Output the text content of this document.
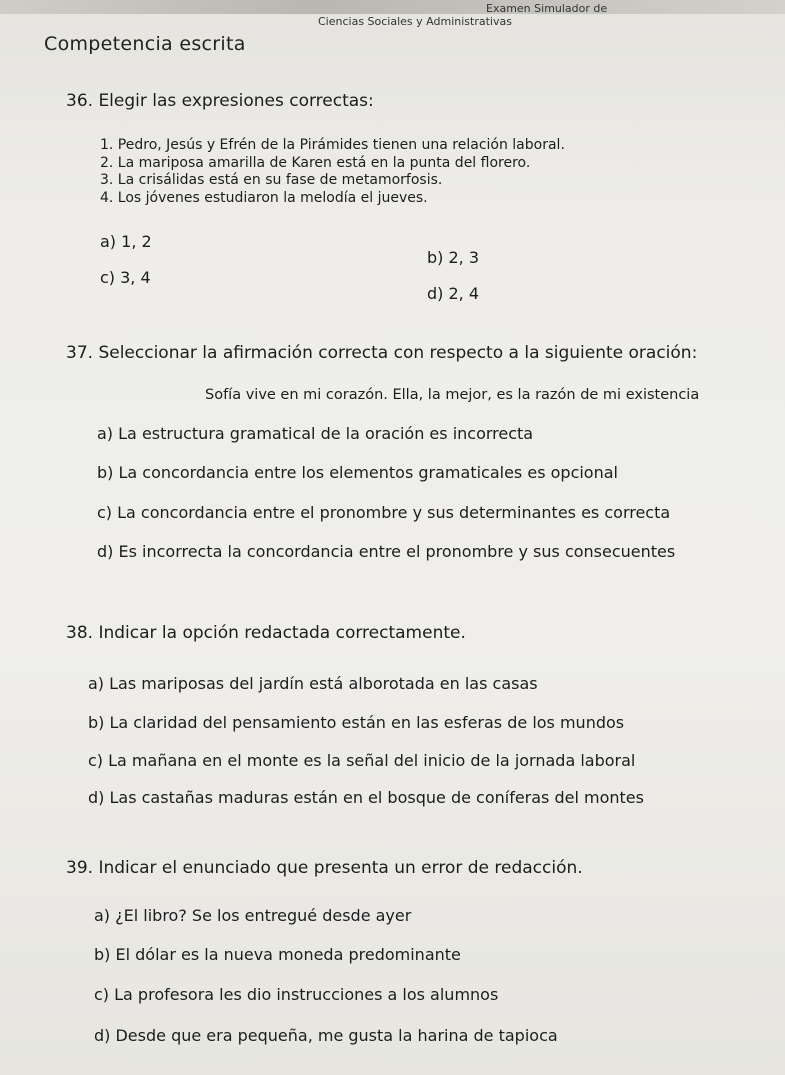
Examen Simulador de
Ciencias Sociales y Administrativas
Competencia escrita
36. Elegir las expresiones correctas:
1. Pedro, Jesús y Efrén de la Pirámides tienen una relación laboral.
2. La mariposa amarilla de Karen está en la punta del florero.
3. La crisálidas está en su fase de metamorfosis.
4. Los jóvenes estudiaron la melodía el jueves.
a) 1, 2
b) 2, 3
c) 3, 4
d) 2, 4
37. Seleccionar la afirmación correcta con respecto a la siguiente oración:
Sofía vive en mi corazón. Ella, la mejor, es la razón de mi existencia
a) La estructura gramatical de la oración es incorrecta
b) La concordancia entre los elementos gramaticales es opcional
c) La concordancia entre el pronombre y sus determinantes es correcta
d) Es incorrecta la concordancia entre el pronombre y sus consecuentes
38. Indicar la opción redactada correctamente.
a) Las mariposas del jardín está alborotada en las casas
b) La claridad del pensamiento están en las esferas de los mundos
c) La mañana en el monte es la señal del inicio de la jornada laboral
d) Las castañas maduras están en el bosque de coníferas del montes
39. Indicar el enunciado que presenta un error de redacción.
a) ¿El libro? Se los entregué desde ayer
b) El dólar es la nueva moneda predominante
c) La profesora les dio instrucciones a los alumnos
d) Desde que era pequeña, me gusta la harina de tapioca
